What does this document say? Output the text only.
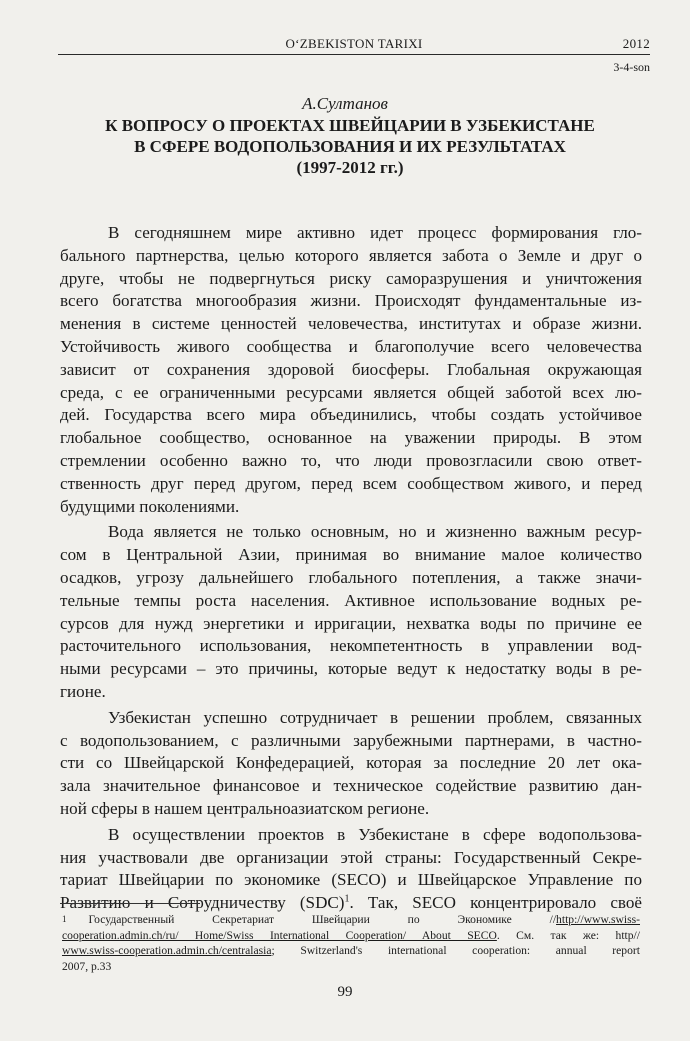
O‘ZBEKISTON TARIXI	2012
3-4-son
А.Султанов
К ВОПРОСУ О ПРОЕКТАХ ШВЕЙЦАРИИ В УЗБЕКИСТАНЕ
В СФЕРЕ ВОДОПОЛЬЗОВАНИЯ И ИХ РЕЗУЛЬТАТАХ
(1997-2012 гг.)
В сегодняшнем мире активно идет процесс формирования гло-
бального партнерства, целью которого является забота о Земле и друг о
друге, чтобы не подвергнуться риску саморазрушения и уничтожения
всего богатства многообразия жизни. Происходят фундаментальные из-
менения в системе ценностей человечества, институтах и образе жизни.
Устойчивость живого сообщества и благополучие всего человечества
зависит от сохранения здоровой биосферы. Глобальная окружающая
среда, с ее ограниченными ресурсами является общей заботой всех лю-
дей. Государства всего мира объединились, чтобы создать устойчивое
глобальное сообщество, основанное на уважении природы. В этом
стремлении особенно важно то, что люди провозгласили свою ответ-
ственность друг перед другом, перед всем сообществом живого, и перед
будущими поколениями.
Вода является не только основным, но и жизненно важным ресур-
сом в Центральной Азии, принимая во внимание малое количество
осадков, угрозу дальнейшего глобального потепления, а также значи-
тельные темпы роста населения. Активное использование водных ре-
сурсов для нужд энергетики и ирригации, нехватка воды по причине ее
расточительного использования, некомпетентность в управлении вод-
ными ресурсами – это причины, которые ведут к недостатку воды в ре-
гионе.
Узбекистан успешно сотрудничает в решении проблем, связанных
с водопользованием, с различными зарубежными партнерами, в частно-
сти со Швейцарской Конфедерацией, которая за последние 20 лет ока-
зала значительное финансовое и техническое содействие развитию дан-
ной сферы в нашем центральноазиатском регионе.
В осуществлении проектов в Узбекистане в сфере водопользова-
ния участвовали две организации этой страны: Государственный Секре-
тариат Швейцарии по экономике (SECO) и Швейцарское Управление по
Развитию и Сотрудничеству (SDC)$^1$. Так, SECO концентрировало своё
$^1$ Государственный Секретариат Швейцарии по Экономике //http://www.swiss-
cooperation.admin.ch/ru/ Home/Swiss International Cooperation/ About SECO. См. так же: http//
www.swiss-cooperation.admin.ch/centralasia; Switzerland's international cooperation: annual report
2007, p.33
99
